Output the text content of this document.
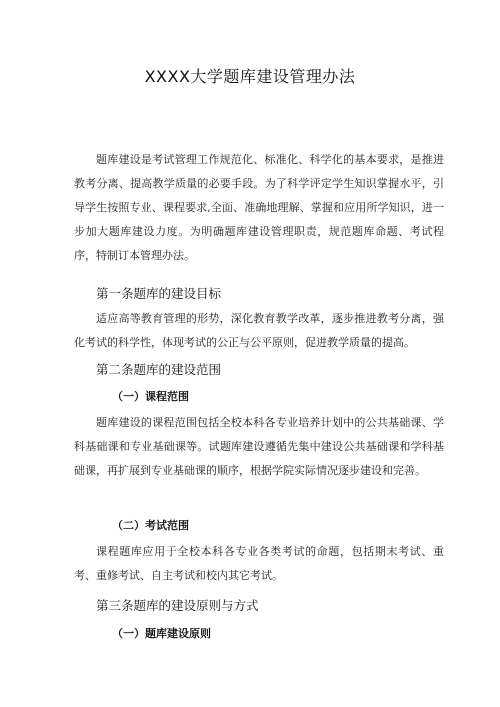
XXXX大学题库建设管理办法
题库建设是考试管理工作规范化、标准化、科学化的基本要求，是推进教考分离、提高教学质量的必要手段。为了科学评定学生知识掌握水平，引导学生按照专业、课程要求,全面、准确地理解、掌握和应用所学知识，进一步加大题库建设力度。为明确题库建设管理职责，规范题库命题、考试程序，特制订本管理办法。
第一条题库的建设目标
适应高等教育管理的形势，深化教育教学改革，逐步推进教考分离，强化考试的科学性，体现考试的公正与公平原则，促进教学质量的提高。
第二条题库的建设范围
（一）课程范围
题库建设的课程范围包括全校本科各专业培养计划中的公共基础课、学科基础课和专业基础课等。试题库建设遵循先集中建设公共基础课和学科基础课，再扩展到专业基础课的顺序，根据学院实际情况逐步建设和完善。
（二）考试范围
课程题库应用于全校本科各专业各类考试的命题，包括期末考试、重考、重修考试、自主考试和校内其它考试。
第三条题库的建设原则与方式
（一）题库建设原则
